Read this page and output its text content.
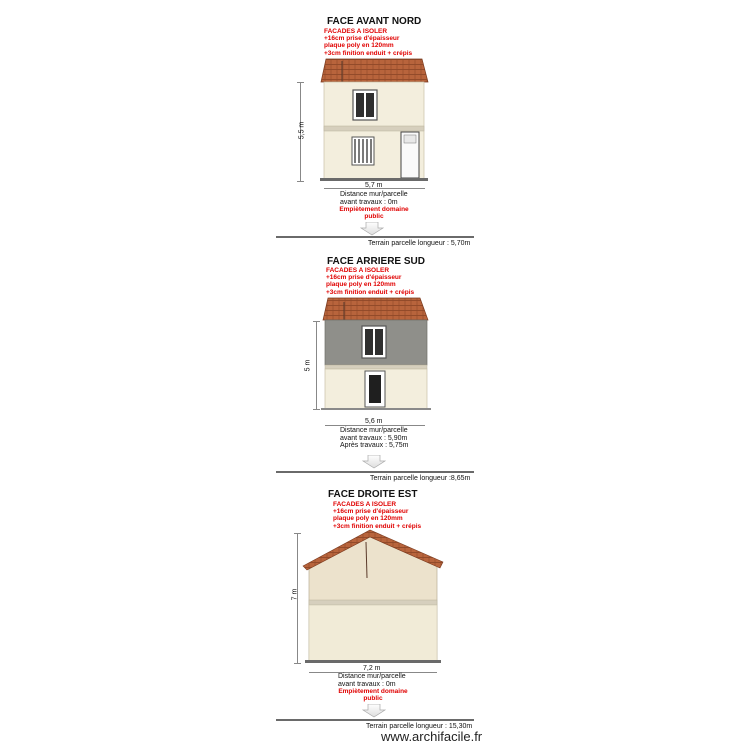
FACE AVANT NORD
FACADES A ISOLER
+16cm prise d'épaisseur
plaque poly en 120mm
+3cm finition enduit + crépis
5,5 m
5,7 m
Distance mur/parcelle
avant travaux : 0m
Empiètement domaine
public
Terrain parcelle longueur : 5,70m
FACE ARRIERE SUD
FACADES A ISOLER
+16cm prise d'épaisseur
plaque poly en 120mm
+3cm finition enduit + crépis
5 m
5,6 m
Distance mur/parcelle
avant travaux : 5,90m
Après travaux : 5,75m
Terrain parcelle longueur :8,65m
FACE DROITE EST
FACADES A ISOLER
+16cm prise d'épaisseur
plaque poly en 120mm
+3cm finition enduit + crépis
7 m
7,2 m
Distance mur/parcelle
avant travaux : 0m
Empiètement domaine
public
Terrain parcelle longueur : 15,30m
www.archifacile.fr
